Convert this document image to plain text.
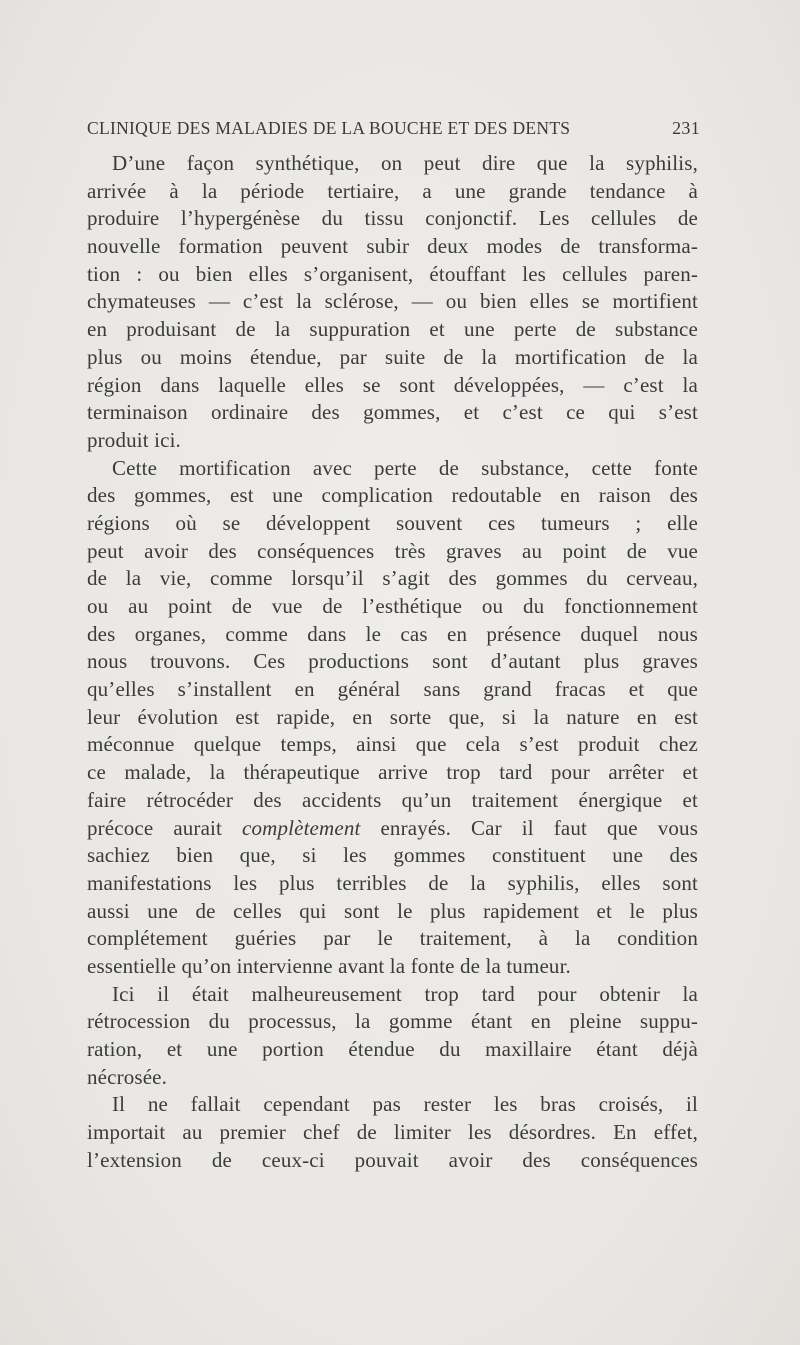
CLINIQUE DES MALADIES DE LA BOUCHE ET DES DENTS	231
D’une façon synthétique, on peut dire que la syphilis,
arrivée à la période tertiaire, a une grande tendance à
produire l’hypergénèse du tissu conjonctif. Les cellules de
nouvelle formation peuvent subir deux modes de transforma-
tion : ou bien elles s’organisent, étouffant les cellules paren-
chymateuses — c’est la sclérose, — ou bien elles se mortifient
en produisant de la suppuration et une perte de substance
plus ou moins étendue, par suite de la mortification de la
région dans laquelle elles se sont développées, — c’est la
terminaison ordinaire des gommes, et c’est ce qui s’est
produit ici.
Cette mortification avec perte de substance, cette fonte
des gommes, est une complication redoutable en raison des
régions où se développent souvent ces tumeurs ; elle
peut avoir des conséquences très graves au point de vue
de la vie, comme lorsqu’il s’agit des gommes du cerveau,
ou au point de vue de l’esthétique ou du fonctionnement
des organes, comme dans le cas en présence duquel nous
nous trouvons. Ces productions sont d’autant plus graves
qu’elles s’installent en général sans grand fracas et que
leur évolution est rapide, en sorte que, si la nature en est
méconnue quelque temps, ainsi que cela s’est produit chez
ce malade, la thérapeutique arrive trop tard pour arrêter et
faire rétrocéder des accidents qu’un traitement énergique et
précoce aurait complètement enrayés. Car il faut que vous
sachiez bien que, si les gommes constituent une des
manifestations les plus terribles de la syphilis, elles sont
aussi une de celles qui sont le plus rapidement et le plus
complétement guéries par le traitement, à la condition
essentielle qu’on intervienne avant la fonte de la tumeur.
Ici il était malheureusement trop tard pour obtenir la
rétrocession du processus, la gomme étant en pleine suppu-
ration, et une portion étendue du maxillaire étant déjà
nécrosée.
Il ne fallait cependant pas rester les bras croisés, il
importait au premier chef de limiter les désordres. En effet,
l’extension de ceux-ci pouvait avoir des conséquences
